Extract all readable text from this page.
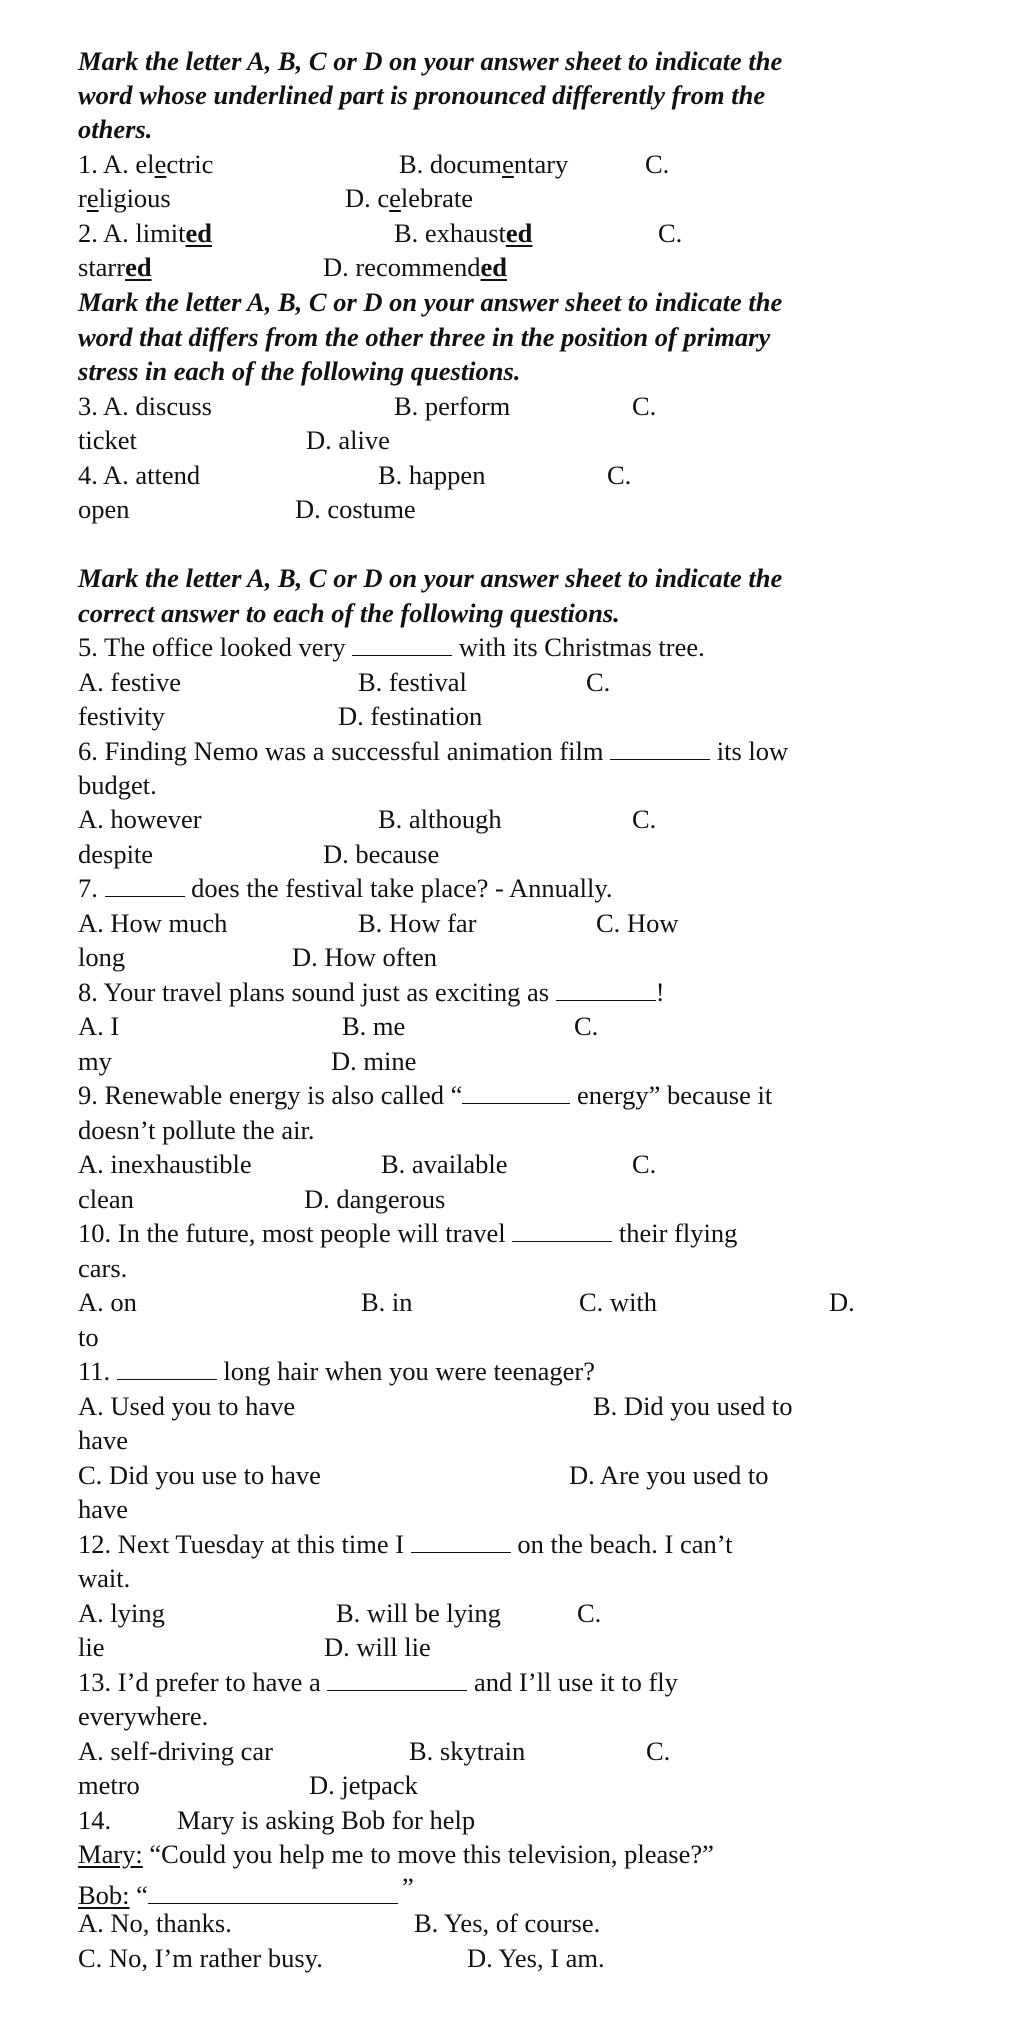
Mark the letter A, B, C or D on your answer sheet to indicate the
word whose underlined part is pronounced differently from the
others.
1. A. electric	B. documentary	C.
religious	D. celebrate
2. A. limited	B. exhausted	C.
starred	D. recommended
Mark the letter A, B, C or D on your answer sheet to indicate the
word that differs from the other three in the position of primary
stress in each of the following questions.
3. A. discuss	B. perform	C.
ticket	D. alive
4. A. attend	B. happen	C.
open	D. costume
Mark the letter A, B, C or D on your answer sheet to indicate the
correct answer to each of the following questions.
5. The office looked very	with its Christmas tree.
A. festive	B. festival	C.
festivity	D. festination
6. Finding Nemo was a successful animation film	its low
budget.
A. however	B. although	C.
despite	D. because
7.	does the festival take place? - Annually.
A. How much	B. How far	C. How
long	D. How often
8. Your travel plans sound just as exciting as	!
A. I	B. me	C.
my	D. mine
9. Renewable energy is also called “	energy” because it
doesn’t pollute the air.
A. inexhaustible	B. available	C.
clean	D. dangerous
10. In the future, most people will travel	their flying
cars.
A. on	B. in	C. with	D.
to
11.	long hair when you were teenager?
A. Used you to have	B. Did you used to
have
C. Did you use to have	D. Are you used to
have
12. Next Tuesday at this time I	on the beach. I can’t
wait.
A. lying	B. will be lying	C.
lie	D. will lie
13. I’d prefer to have a	and I’ll use it to fly
everywhere.
A. self-driving car	B. skytrain	C.
metro	D. jetpack
14. Mary is asking Bob for help
Mary: “Could you help me to move this television, please?”
Bob: “	”
A. No, thanks.	B. Yes, of course.
C. No, I’m rather busy.	D. Yes, I am.
